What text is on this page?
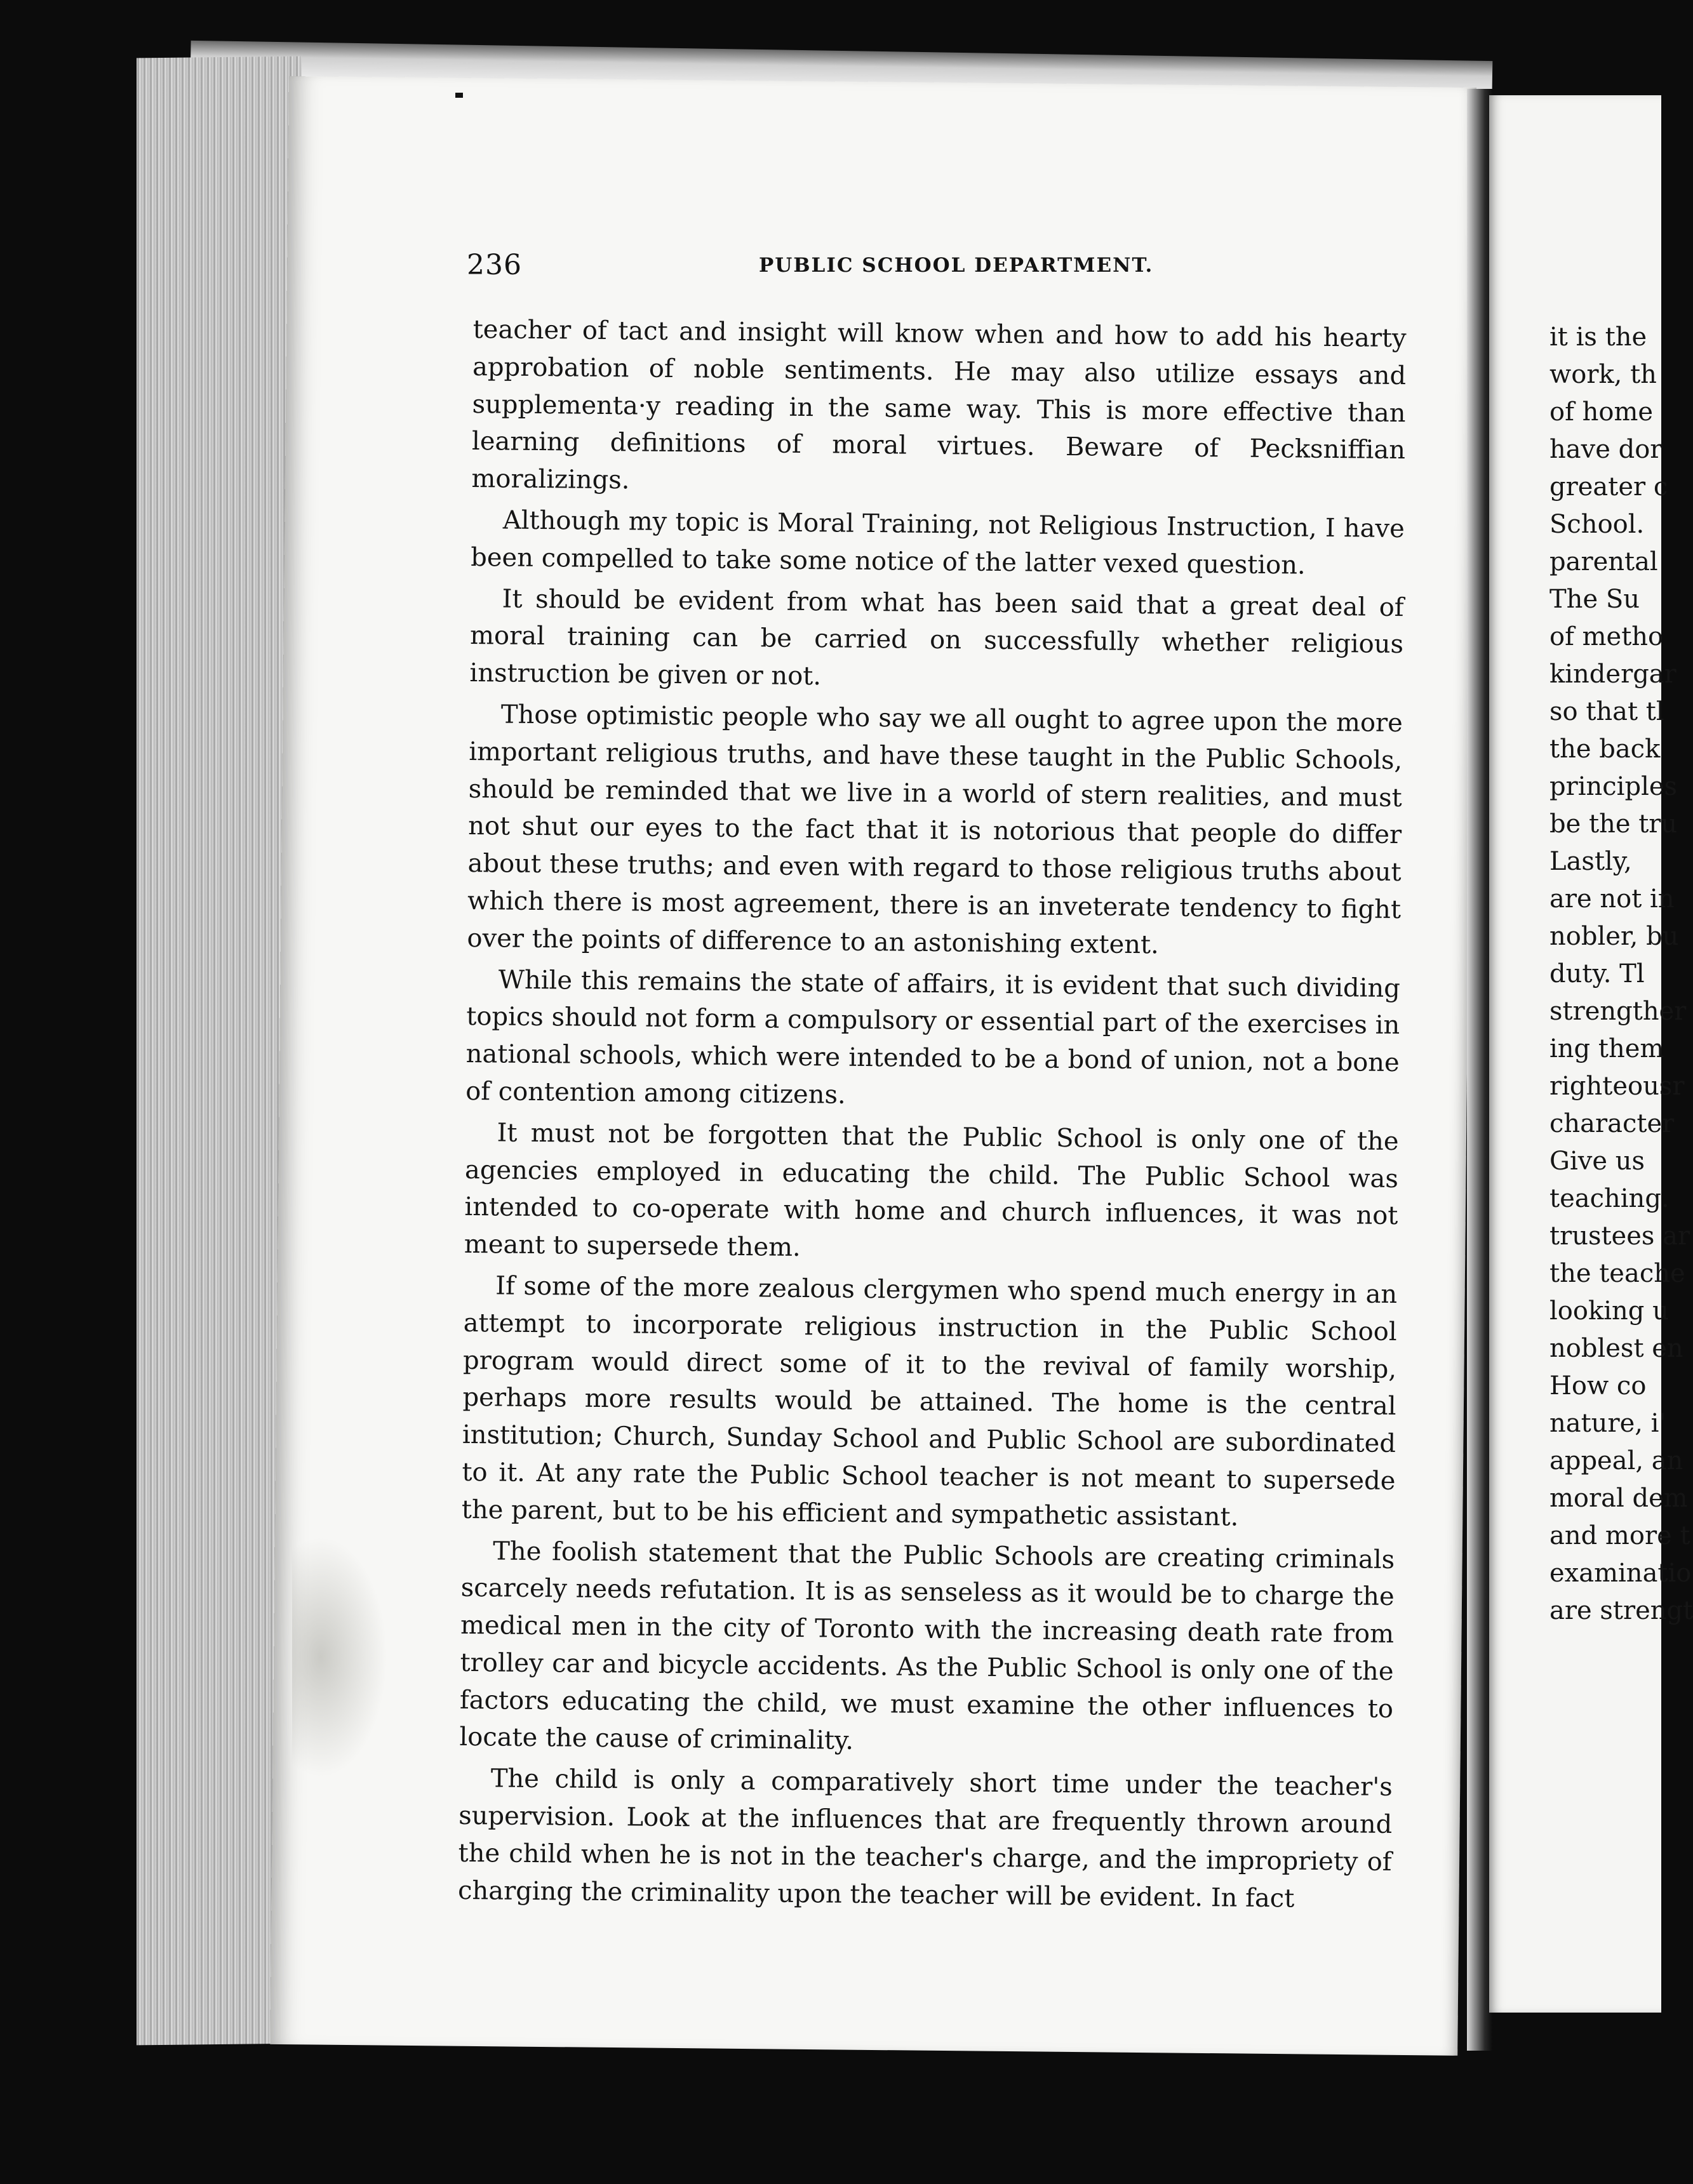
236	PUBLIC SCHOOL DEPARTMENT.

teacher of tact and insight will know when and how to add his hearty approbation of noble sentiments. He may also utilize essays and supplementa·y reading in the same way. This is more effective than learning definitions of moral virtues. Beware of Pecksniffian moralizings.

Although my topic is Moral Training, not Religious Instruction, I have been compelled to take some notice of the latter vexed question.

It should be evident from what has been said that a great deal of moral training can be carried on successfully whether religious instruction be given or not.

Those optimistic people who say we all ought to agree upon the more important religious truths, and have these taught in the Public Schools, should be reminded that we live in a world of stern realities, and must not shut our eyes to the fact that it is notorious that people do differ about these truths; and even with regard to those religious truths about which there is most agreement, there is an inveterate tendency to fight over the points of difference to an astonishing extent.

While this remains the state of affairs, it is evident that such dividing topics should not form a compulsory or essential part of the exercises in national schools, which were intended to be a bond of union, not a bone of contention among citizens.

It must not be forgotten that the Public School is only one of the agencies employed in educating the child. The Public School was intended to co-operate with home and church influences, it was not meant to supersede them.

If some of the more zealous clergymen who spend much energy in an attempt to incorporate religious instruction in the Public School program would direct some of it to the revival of family worship, perhaps more results would be attained. The home is the central institution; Church, Sunday School and Public School are subordinated to it. At any rate the Public School teacher is not meant to supersede the parent, but to be his efficient and sympathetic assistant.

The foolish statement that the Public Schools are creating criminals scarcely needs refutation. It is as senseless as it would be to charge the medical men in the city of Toronto with the increasing death rate from trolley car and bicycle accidents. As the Public School is only one of the factors educating the child, we must examine the other influences to locate the cause of criminality.

The child is only a comparatively short time under the teacher's supervision. Look at the influences that are frequently thrown around the child when he is not in the teacher's charge, and the impropriety of charging the criminality upon the teacher will be evident. In fact

it is the
work, th
of home
have dor
greater c
School.
parental
The Su
of metho
kindergar
so that tl
the back
principles
be the tru
Lastly,
are not in
nobler, bu
duty. Tl
strengther
ing them
righteousr
character
Give us
teaching.
trustees ar
the teache
looking u
noblest en
How co
nature, i'
appeal, an
moral dem
and more t
examinatio
are strengt
